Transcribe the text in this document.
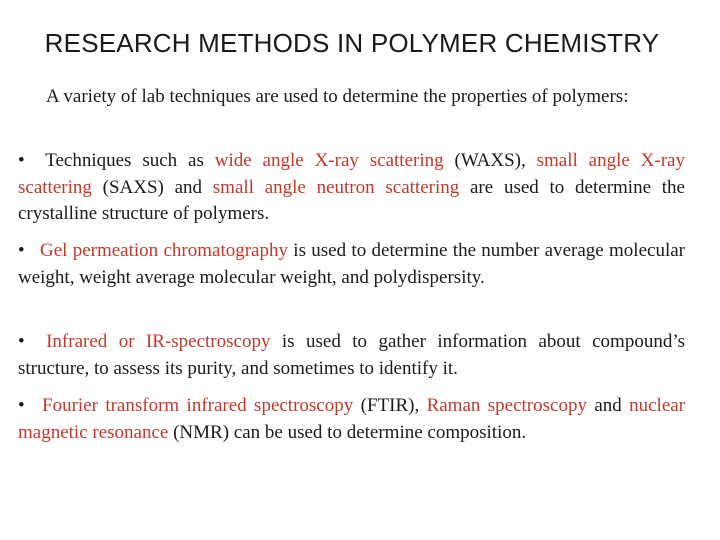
RESEARCH METHODS IN POLYMER CHEMISTRY

A variety of lab techniques are used to determine the properties of polymers:

• Techniques such as wide angle X-ray scattering (WAXS), small angle X-ray scattering (SAXS) and small angle neutron scattering are used to determine the crystalline structure of polymers.

• Gel permeation chromatography is used to determine the number average molecular weight, weight average molecular weight, and polydispersity.

• Infrared or IR-spectroscopy is used to gather information about compound’s structure, to assess its purity, and sometimes to identify it.

• Fourier transform infrared spectroscopy (FTIR), Raman spectroscopy and nuclear magnetic resonance (NMR) can be used to determine composition.
